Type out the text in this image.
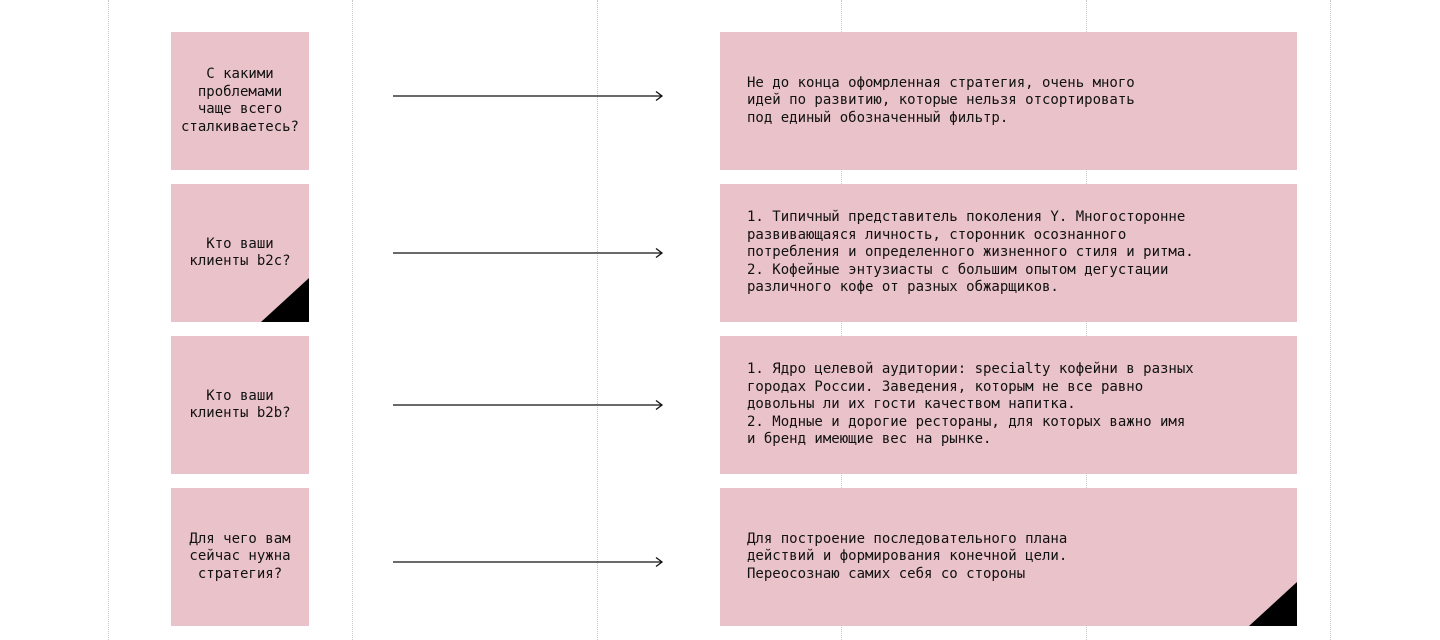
С какими
проблемами
чаще всего
сталкиваетесь?
Не до конца офомрленная стратегия, очень много
идей по развитию, которые нельзя отсортировать
под единый обозначенный фильтр.
Кто ваши
клиенты b2c?
1. Типичный представитель поколения Y. Многосторонне
развивающаяся личность, сторонник осознанного
потребления и определенного жизненного стиля и ритма.
2. Кофейные энтузиасты с большим опытом дегустации
различного кофе от разных обжарщиков.
Кто ваши
клиенты b2b?
1. Ядро целевой аудитории: specialty кофейни в разных
городах России. Заведения, которым не все равно
довольны ли их гости качеством напитка.
2. Модные и дорогие рестораны, для которых важно имя
и бренд имеющие вес на рынке.
Для чего вам
сейчас нужна
стратегия?
Для построение последовательного плана
действий и формирования конечной цели.
Переосознаю самих себя со стороны
